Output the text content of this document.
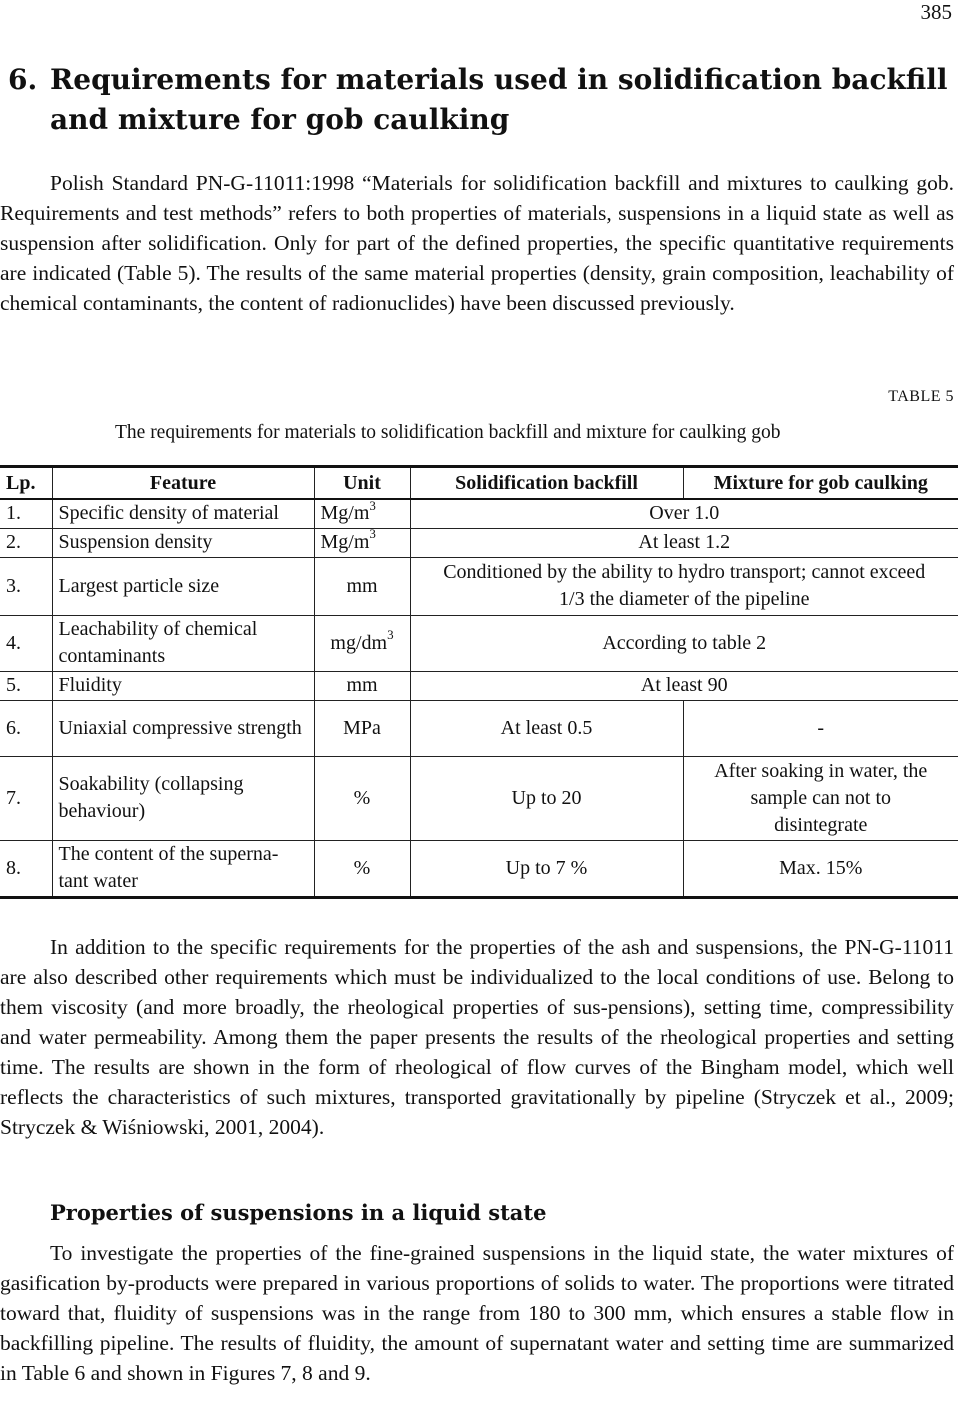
385
6. Requirements for materials used in solidification backfill
and mixture for gob caulking

Polish Standard PN-G-11011:1998 “Materials for solidification backfill and mixtures to caulking gob. Requirements and test methods” refers to both properties of materials, suspensions in a liquid state as well as suspension after solidification. Only for part of the defined properties, the specific quantitative requirements are indicated (Table 5). The results of the same material properties (density, grain composition, leachability of chemical contaminants, the content of radionuclides) have been discussed previously.

TABLE 5
The requirements for materials to solidification backfill and mixture for caulking gob
Lp.	Feature	Unit	Solidification backfill	Mixture for gob caulking
1.	Specific density of material	$Mg/m^3$	Over 1.0	
2.	Suspension density	$Mg/m^3$	At least 1.2	
3.	Largest particle size	mm	Conditioned by the ability to hydro transport; cannot exceed 1/3 the diameter of the pipeline	
4.	Leachability of chemical contaminants	$mg/dm^3$	According to table 2	
5.	Fluidity	mm	At least 90	
6.	Uniaxial compressive strength	MPa	At least 0.5	-
7.	Soakability (collapsing behaviour)	%	Up to 20	After soaking in water, the sample can not to disintegrate
8.	The content of the superna-tant water	%	Up to 7 %	Max. 15%

In addition to the specific requirements for the properties of the ash and suspensions, the PN-G-11011 are also described other requirements which must be individualized to the local conditions of use. Belong to them viscosity (and more broadly, the rheological properties of sus-pensions), setting time, compressibility and water permeability. Among them the paper presents the results of the rheological properties and setting time. The results are shown in the form of rheological of flow curves of the Bingham model, which well reflects the characteristics of such mixtures, transported gravitationally by pipeline (Stryczek et al., 2009; Stryczek & Wiśniowski, 2001, 2004).

Properties of suspensions in a liquid state

To investigate the properties of the fine-grained suspensions in the liquid state, the water mixtures of gasification by-products were prepared in various proportions of solids to water. The proportions were titrated toward that, fluidity of suspensions was in the range from 180 to 300 mm, which ensures a stable flow in backfilling pipeline. The results of fluidity, the amount of supernatant water and setting time are summarized in Table 6 and shown in Figures 7, 8 and 9.
